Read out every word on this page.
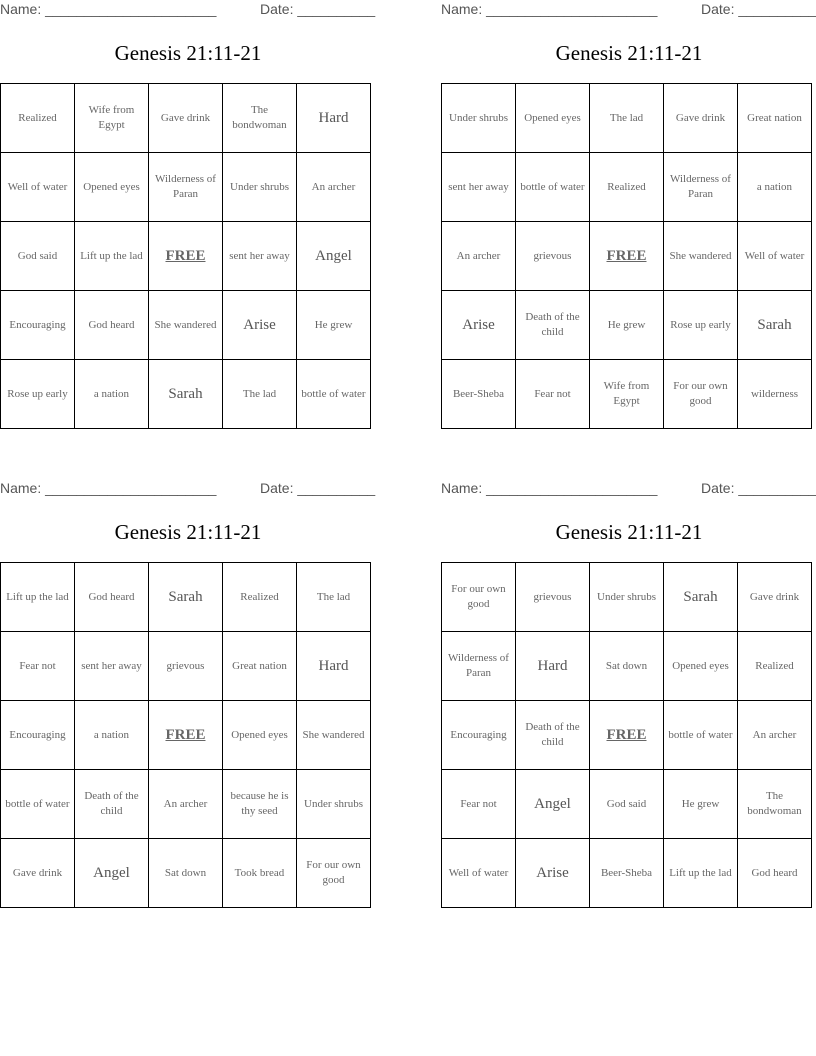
Name: ______________________	Date: __________
Genesis 21:11-21
Realized	Wife from Egypt	Gave drink	The bondwoman	Hard
Well of water	Opened eyes	Wilderness of Paran	Under shrubs	An archer
God said	Lift up the lad	FREE	sent her away	Angel
Encouraging	God heard	She wandered	Arise	He grew
Rose up early	a nation	Sarah	The lad	bottle of water
Name: ______________________	Date: __________
Genesis 21:11-21
Under shrubs	Opened eyes	The lad	Gave drink	Great nation
sent her away	bottle of water	Realized	Wilderness of Paran	a nation
An archer	grievous	FREE	She wandered	Well of water
Arise	Death of the child	He grew	Rose up early	Sarah
Beer-Sheba	Fear not	Wife from Egypt	For our own good	wilderness
Name: ______________________	Date: __________
Genesis 21:11-21
Lift up the lad	God heard	Sarah	Realized	The lad
Fear not	sent her away	grievous	Great nation	Hard
Encouraging	a nation	FREE	Opened eyes	She wandered
bottle of water	Death of the child	An archer	because he is thy seed	Under shrubs
Gave drink	Angel	Sat down	Took bread	For our own good
Name: ______________________	Date: __________
Genesis 21:11-21
For our own good	grievous	Under shrubs	Sarah	Gave drink
Wilderness of Paran	Hard	Sat down	Opened eyes	Realized
Encouraging	Death of the child	FREE	bottle of water	An archer
Fear not	Angel	God said	He grew	The bondwoman
Well of water	Arise	Beer-Sheba	Lift up the lad	God heard
